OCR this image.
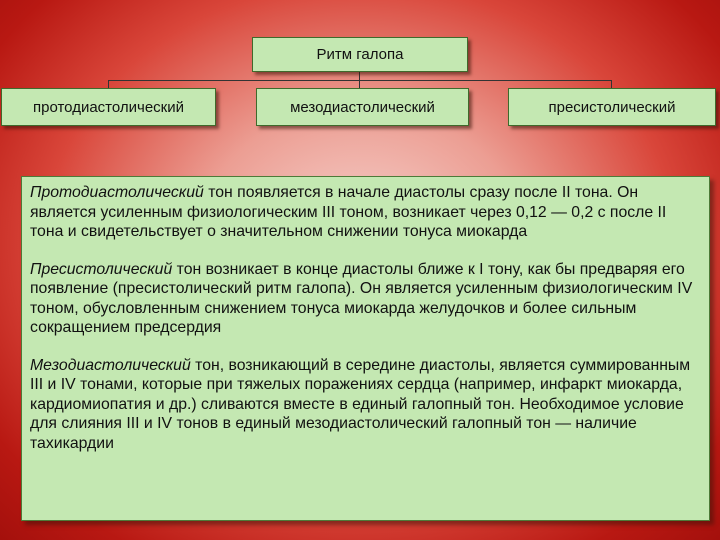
Ритм галопа
протодиастолический	мезодиастолический	пресистолический

Протодиастолический тон появляется в начале диастолы сразу после II тона. Он является усиленным физиологическим III тоном, возникает через 0,12 — 0,2 с после II тона и свидетельствует о значительном снижении тонуса миокарда

Пресистолический тон возникает в конце диастолы ближе к I тону, как бы предваряя его появление (пресистолический ритм галопа). Он является усиленным физиологическим IV тоном, обусловленным снижением тонуса миокарда желудочков и более сильным сокращением предсердия

Мезодиастолический тон, возникающий в середине диастолы, является суммированным III и IV тонами, которые при тяжелых поражениях сердца (например, инфаркт миокарда, кардиомиопатия и др.) сливаются вместе в единый галопный тон. Необходимое условие для слияния III и IV тонов в единый мезодиастолический галопный тон — наличие тахикардии
